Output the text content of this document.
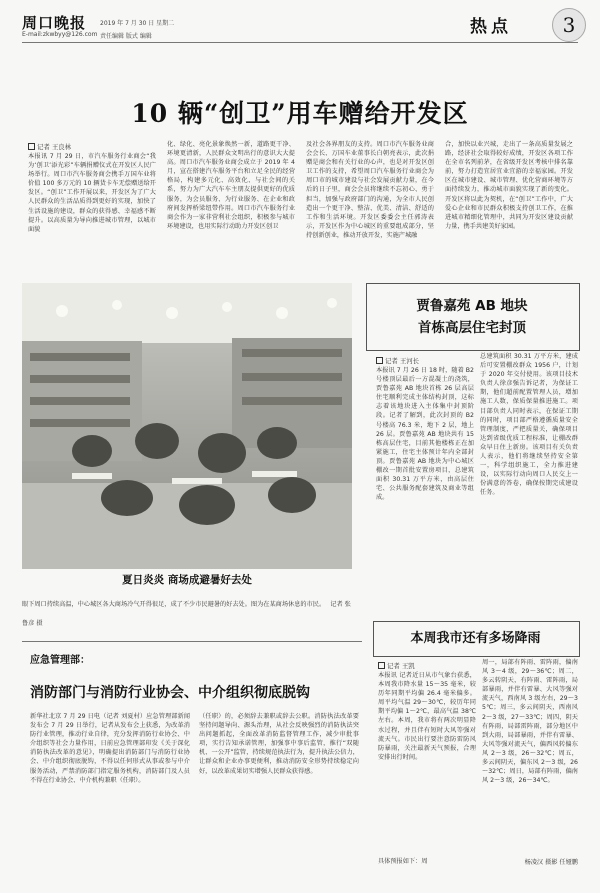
周口晚报
E-mail:zkwbyy@126.com
2019 年 7 月 30 日 星期二
责任编辑 版式 编辑	热点	3
10 辆“创卫”用车赠给开发区
记者 王良林
本报讯 7 月 29 日，市汽车服务行业商会“我为‘创卫’添光彩”车辆捐赠仪式在开发区人民广场举行。周口市汽车服务商会携手万国车业将价值 100 多万元的 10 辆货卡车无偿赠送给开发区。“创卫”工作开展以来，开发区为了广大人民群众的生活品质得到更好的实现，加快了生活设施的建设，群众的获得感、幸福感不断提升。以高质量为导向推进城市管理，以城市面貌
化、绿化、亮化景象焕然一新，道路更干净、环境更清新，人民群众文明出行的意识大大提高。周口市汽车服务业商会成立于 2019 年 4 月，宣在搭建汽车服务平台和立足全民的经营格局，构建多元化、高效化、与社会间的关系，努力为广大汽车车主朋友提供更好的优质服务，为会员服务、为行业服务、在企业和政府间发挥桥梁纽带作用。周口市汽车服务行业商会作为一家非营利社会组织，积极参与城市环境建设，也用实际行动助力开发区创卫
及社会各界朋友的支持。周口市汽车服务业商会会长、万国车业董事长白朝亮表示，此次捐赠是商会和有关行业的心声，也是对开发区创卫工作的支持，希望周口汽车服务行业商会为周口市的城市建设与社会发展贡献力量，在今后的日子里，商会会员将继续不忘初心、勇于担当，加强与政府部门的沟通，为全市人民创造出一个更干净、整洁、优美、清洁、舒适的工作和生活环境。开发区委委会主任郭涛表示，开发区作为中心城区的重要组成部分，坚持创新创业，推动开放开发，实施产城融
合，加快以业兴城，走出了一条高质量发展之路，经济社会取得较好成绩，开发区各项工作在全市名列前茅，在省级开发区考核中排名靠前，努力打造宜居宜业宜游的幸福家园。开发区在城市建设、城市管理、优化营商环境等方面持续发力，推动城市面貌实现了新的变化。开发区将以此为契机，在“创卫”工作中，广大爱心企业和市民群众积极支持创卫工作，在推进城市精细化管理中，共同为开发区建设贡献力量，携手共建美好家园。
夏日炎炎 商场成避暑好去处
眼下周口持续高温，中心城区各大商场冷气开得很足，成了不少市民避暑的好去处。图为在某商场休息的市民。 记者 张鲁彦 摄
贾鲁嘉苑 AB 地块
首栋高层住宅封顶
记者 王河长
本报讯 7 月 26 日 18 时，随着 B2 号楼顶层最后一方混凝土的浇筑，贾鲁嘉苑 AB 地块首栋 26 层高层住宅顺利完成主体结构封顶，这标志着该地块进入主体集中封顶阶段。记者了解到，此次封顶的 B2 号楼高 76.3 米，地下 2 层，地上 26 层。贾鲁嘉苑 AB 地块共有 15 栋高层住宅，目前其他楼栋正在加紧施工，住宅主体预计年内全部封顶。贾鲁嘉苑 AB 地块为中心城区棚改一期首批安置房项目，总建筑面积 30.31 万平方米，由高层住宅、公共服务配套建筑及商业等组成。
总建筑面积 30.31 万平方米，建成后可安置棚改群众 1956 户，计划于 2020 年交付使用。该项目技术负责人徐彦强告诉记者，为保证工期，他们超前配置管理人员，增加施工人数，保质保量推进施工。项目部负责人同时表示，在保证工期的同时，项目部严格遵循质量安全管理制度，严把质量关，确保项目达到省级优质工程标准，让棚改群众早日住上新房。该项目有关负责人表示，他们将继续坚持安全第一，科学组织施工，全力推进建设，以实际行动向周口人民交上一份满意的答卷，确保按期完成建设任务。
应急管理部：
消防部门与消防行业协会、中介组织彻底脱钩
新华社北京 7 月 29 日电（记者 刘夏村）应急管理部新闻发布会 7 月 29 日举行，记者从发布会上获悉，为改革消防行业管理，推动行业自律，充分发挥消防行业协会、中介组织等社会力量作用，日前应急管理部印发《关于深化消防执法改革的意见》，明确提出消防部门与消防行业协会、中介组织彻底脱钩，不得以任何形式从事或参与中介服务活动，严禁消防部门指定服务机构，消防部门及人员不得在行业协会、中介机构兼职（任职）。
（任职）的，必须辞去兼职或辞去公职。消防执法改革要坚持问题导向、源头治理，从社会反映强烈的消防执法突出问题抓起，全面改革消防监督管理工作，减少审批事项，实行告知承诺管理，加强事中事后监管，推行“双随机、一公开”监管，持续规范执法行为，提升执法公信力，让群众和企业办事更便利，推动消防安全形势持续稳定向好，以改革成果切实增强人民群众获得感。
本周我市还有多场降雨
记者 王凯
本报讯 记者近日从市气象台获悉，本周我市降水量 15～35 毫米，较历年同期平均偏 26.4 毫米偏多。周平均气温 29～30℃，较历年同期平均偏 1～2℃，最高气温 38℃左右。本周，我市将有两次明显降水过程，并且伴有短时大风等强对流天气。市民出行要注意防雷防风防暴雨，关注最新天气预报，合理安排出行时间。
具体预报如下：周
周一，局部有阵雨、雷阵雨，偏南风 3～4 级，29～36℃；周二，多云转阴天，有阵雨、雷阵雨，局部暴雨，并伴有雷暴、大风等强对流天气，西南风 3 级左右，29～35℃；周三，多云间阴天，西南风 2～3 级，27～33℃；周四，阴天有阵雨，局部雷阵雨，部分地区中到大雨，局部暴雨，并伴有雷暴、大风等强对流天气，偏西风转偏东风 2～3 级，26～32℃；周五，多云间阴天，偏东风 2～3 级，26～32℃；周日，局部有阵雨，偏南风 2～3 级，26～34℃。
杨凌汉 摄影 任娅鹏
